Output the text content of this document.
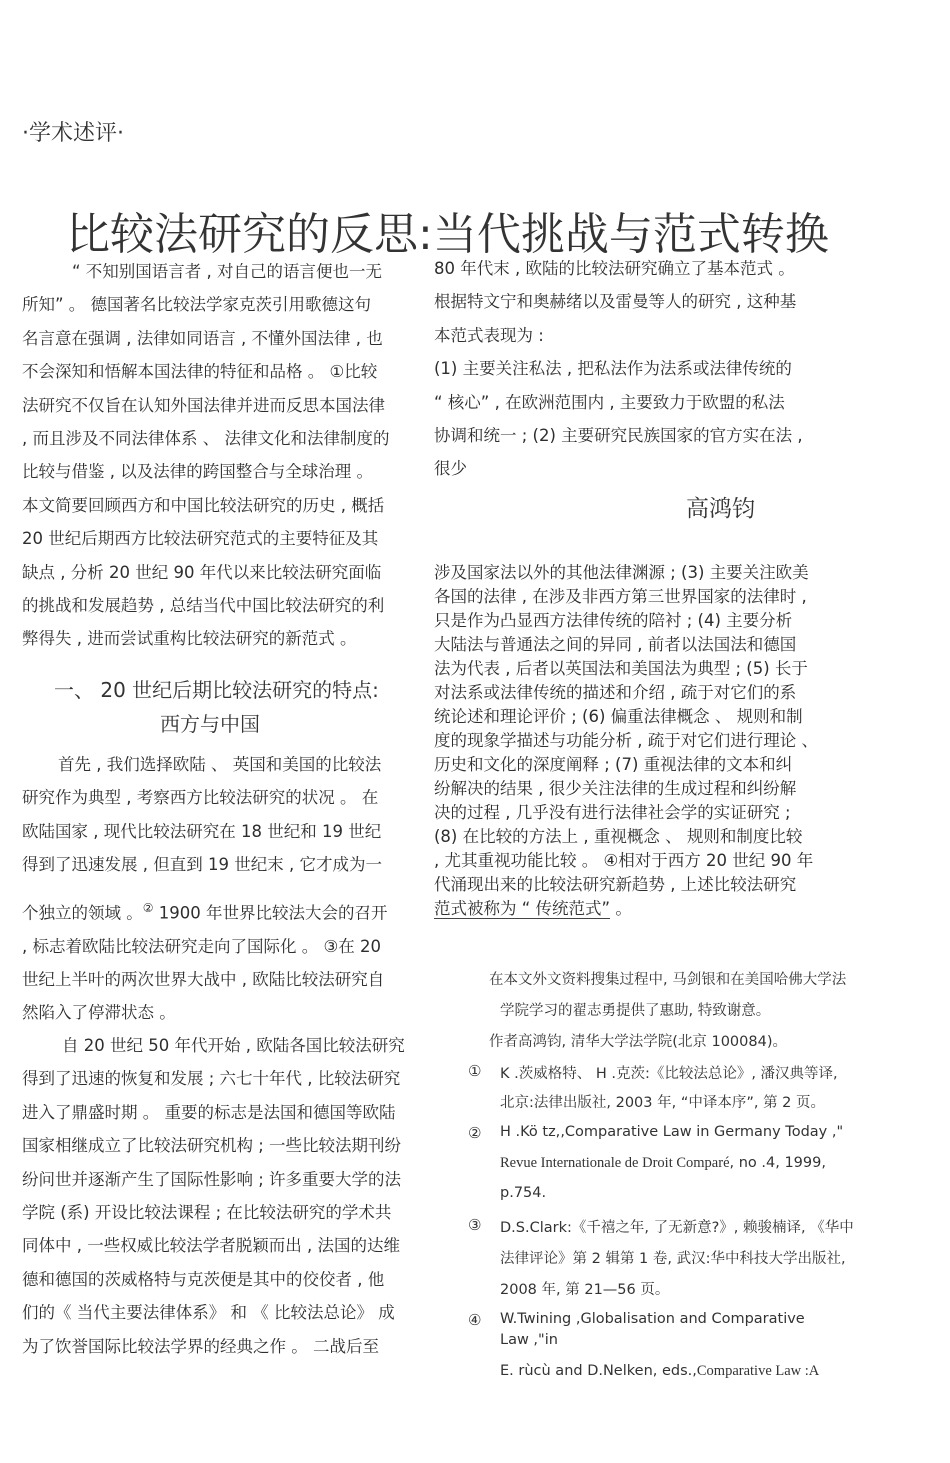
·学术述评·
比较法研究的反思:当代挑战与范式转换

“ 不知别国语言者 , 对自己的语言便也一无

所知” 。 德国著名比较法学家克茨引用歌德这句

名言意在强调 , 法律如同语言 , 不懂外国法律 , 也

不会深知和悟解本国法律的特征和品格 。 ①比较

法研究不仅旨在认知外国法律并进而反思本国法律

, 而且涉及不同法律体系 、 法律文化和法律制度的

比较与借鉴 , 以及法律的跨国整合与全球治理 。

本文简要回顾西方和中国比较法研究的历史 , 概括

20 世纪后期西方比较法研究范式的主要特征及其

缺点 , 分析 20 世纪 90 年代以来比较法研究面临

的挑战和发展趋势 , 总结当代中国比较法研究的利

弊得失 , 进而尝试重构比较法研究的新范式 。

一、 20 世纪后期比较法研究的特点:
西方与中国

首先 , 我们选择欧陆 、 英国和美国的比较法

研究作为典型 , 考察西方比较法研究的状况 。 在

欧陆国家 , 现代比较法研究在 18 世纪和 19 世纪

得到了迅速发展 , 但直到 19 世纪末 , 它才成为一

个独立的领域 。② 1900 年世界比较法大会的召开

, 标志着欧陆比较法研究走向了国际化 。 ③在 20

世纪上半叶的两次世界大战中 , 欧陆比较法研究自

然陷入了停滞状态 。

自 20 世纪 50 年代开始 , 欧陆各国比较法研究

得到了迅速的恢复和发展 ; 六七十年代 , 比较法研究

进入了鼎盛时期 。 重要的标志是法国和德国等欧陆

国家相继成立了比较法研究机构 ; 一些比较法期刊纷

纷问世并逐渐产生了国际性影响 ; 许多重要大学的法

学院 (系) 开设比较法课程 ; 在比较法研究的学术共

同体中 , 一些权威比较法学者脱颖而出 , 法国的达维

德和德国的茨威格特与克茨便是其中的佼佼者 , 他

们的《 当代主要法律体系》 和 《 比较法总论》 成

为了饮誉国际比较法学界的经典之作 。 二战后至

80 年代末 , 欧陆的比较法研究确立了基本范式 。

根据特文宁和奥赫绪以及雷曼等人的研究 , 这种基

本范式表现为 :

(1) 主要关注私法 , 把私法作为法系或法律传统的

“ 核心” , 在欧洲范围内 , 主要致力于欧盟的私法

协调和统一 ; (2) 主要研究民族国家的官方实在法 ,

很少

高鸿钧

涉及国家法以外的其他法律渊源 ; (3) 主要关注欧美

各国的法律 , 在涉及非西方第三世界国家的法律时 ,

只是作为凸显西方法律传统的陪衬 ; (4) 主要分析

大陆法与普通法之间的异同 , 前者以法国法和德国

法为代表 , 后者以英国法和美国法为典型 ; (5) 长于

对法系或法律传统的描述和介绍 , 疏于对它们的系

统论述和理论评价 ; (6) 偏重法律概念 、 规则和制

度的现象学描述与功能分析 , 疏于对它们进行理论 、

历史和文化的深度阐释 ; (7) 重视法律的文本和纠

纷解决的结果 , 很少关注法律的生成过程和纠纷解

决的过程 , 几乎没有进行法律社会学的实证研究 ;

(8) 在比较的方法上 , 重视概念 、 规则和制度比较

, 尤其重视功能比较 。 ④相对于西方 20 世纪 90 年

代涌现出来的比较法研究新趋势 , 上述比较法研究

范式被称为 “ 传统范式” 。

在本文外文资料搜集过程中, 马剑银和在美国哈佛大学法
学院学习的翟志勇提供了惠助, 特致谢意。
作者高鸿钧, 清华大学法学院(北京 100084)。
① K .茨威格特、 H .克茨:《比较法总论》, 潘汉典等译,
北京:法律出版社, 2003 年, “中译本序”, 第 2 页。
② H .Kö tz,‚Comparative Law in Germany Today ,"
Revue Internationale de Droit Comparé, no .4, 1999,
p.754.
③ D.S.Clark:《千禧之年, 了无新意?》, 赖骏楠译, 《华中
法律评论》第 2 辑第 1 卷, 武汉:华中科技大学出版社,
2008 年, 第 21—56 页。
④ W.Twining ,Globalisation and Comparative
Law ,"in
E. rùcù and D.Nelken, eds.,Comparative Law :A
